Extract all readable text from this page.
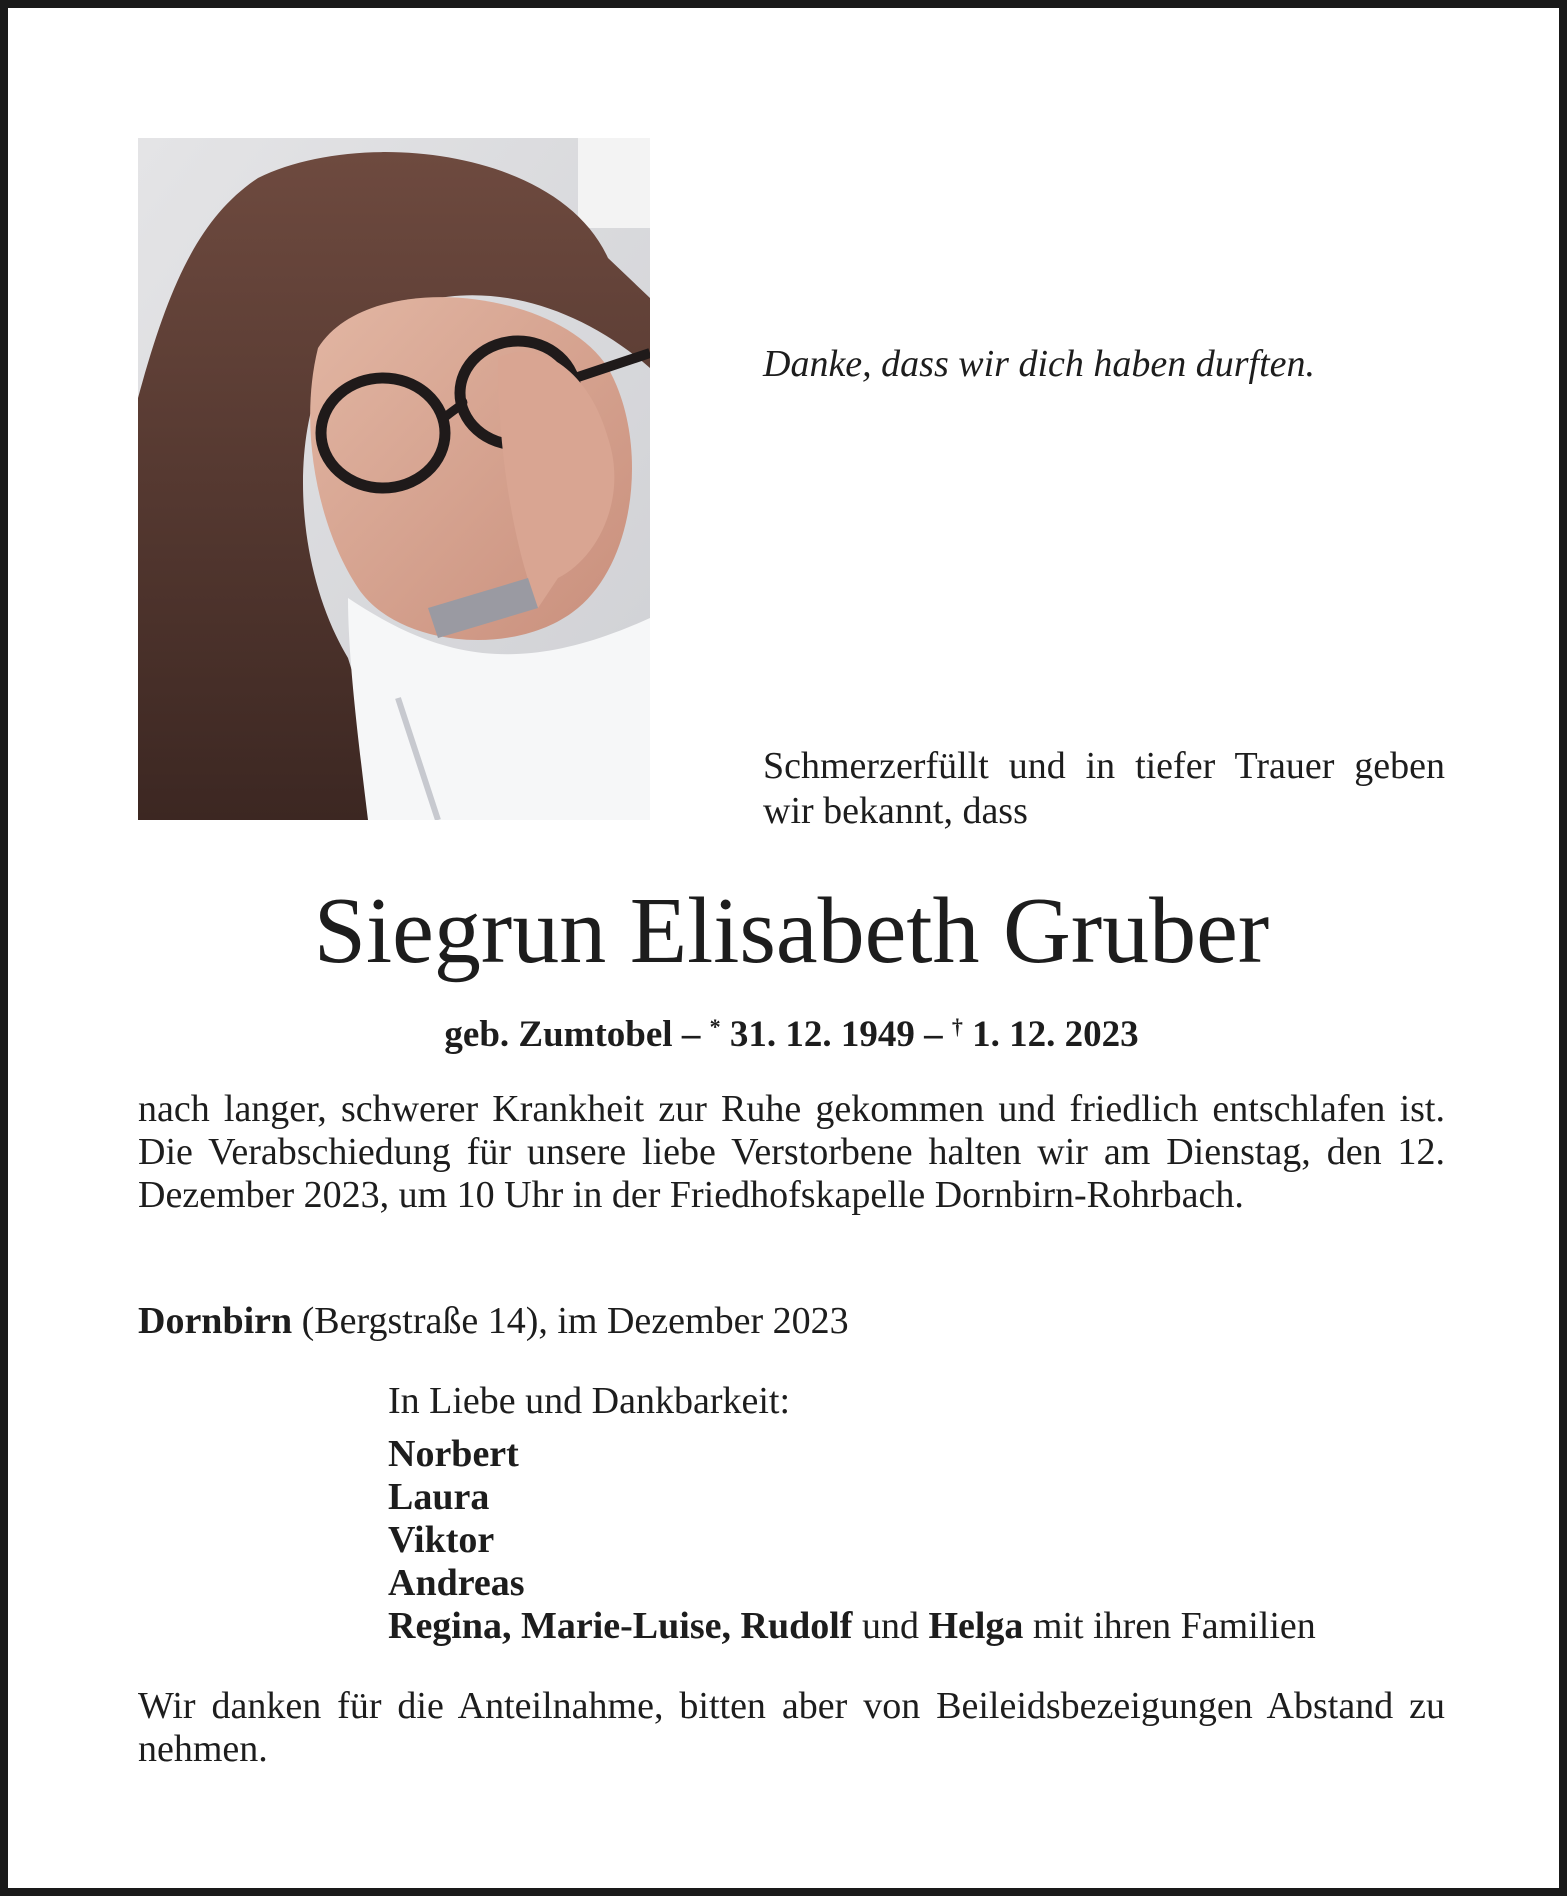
Danke, dass wir dich haben durften.
Schmerzerfüllt und in tiefer Trauer geben wir bekannt, dass
Siegrun Elisabeth Gruber
geb. Zumtobel – * 31. 12. 1949 – † 1. 12. 2023
nach langer, schwerer Krankheit zur Ruhe gekommen und friedlich entschlafen ist. Die Verabschiedung für unsere liebe Verstorbene halten wir am Dienstag, den 12. Dezember 2023, um 10 Uhr in der Friedhofskapelle Dornbirn-Rohrbach.
Dornbirn (Bergstraße 14), im Dezember 2023
In Liebe und Dankbarkeit:
Norbert
Laura
Viktor
Andreas
Regina, Marie-Luise, Rudolf und Helga mit ihren Familien
Wir danken für die Anteilnahme, bitten aber von Beileidsbezeigungen Abstand zu nehmen.
